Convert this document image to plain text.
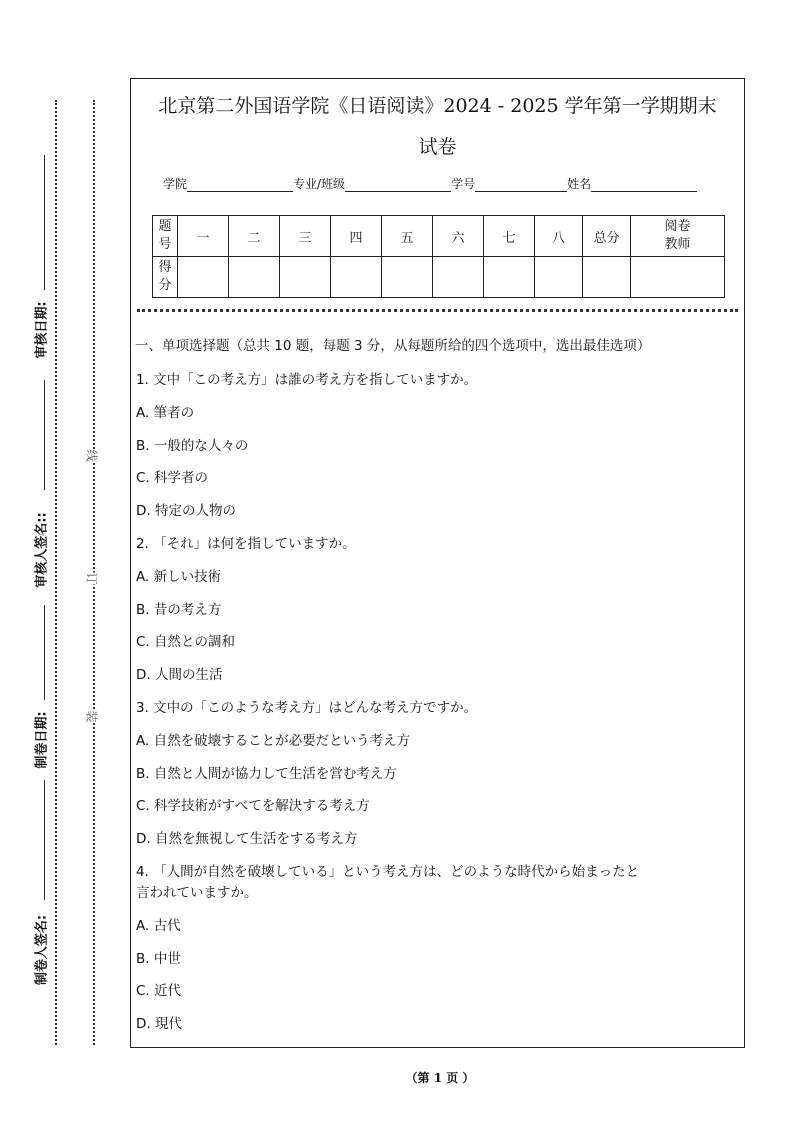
审核日期:
审核人签名::
制卷日期:
制卷人签名:
线
订
装
北京第二外国语学院《日语阅读》2024 - 2025 学年第一学期期末
试卷
学院	专业/班级	学号	姓名
题号	一	二	三	四	五	六	七	八	总分	阅卷教师
得分										
一、单项选择题（总共 10 题，每题 3 分，从每题所给的四个选项中，选出最佳选项）
1. 文中「この考え方」は誰の考え方を指していますか。
A. 筆者の
B. 一般的な人々の
C. 科学者の
D. 特定の人物の
2. 「それ」は何を指していますか。
A. 新しい技術
B. 昔の考え方
C. 自然との調和
D. 人間の生活
3. 文中の「このような考え方」はどんな考え方ですか。
A. 自然を破壊することが必要だという考え方
B. 自然と人間が協力して生活を営む考え方
C. 科学技術がすべてを解決する考え方
D. 自然を無視して生活をする考え方
4. 「人間が自然を破壊している」という考え方は、どのような時代から始まったと
言われていますか。
A. 古代
B. 中世
C. 近代
D. 現代
（第 1 页 ）
